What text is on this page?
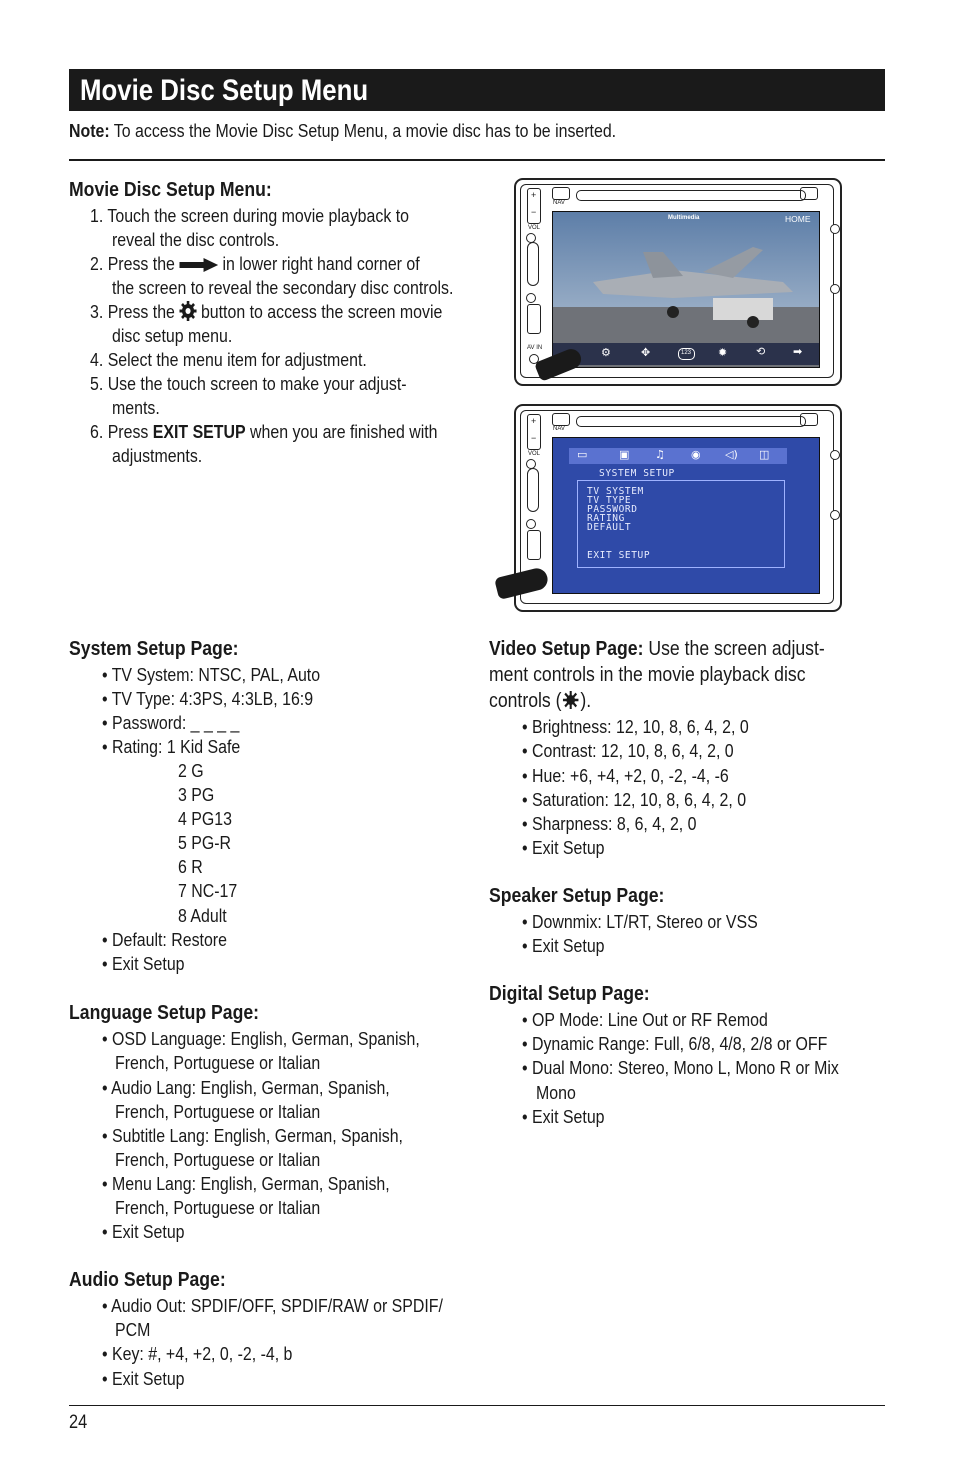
Movie Disc Setup Menu
Note: To access the Movie Disc Setup Menu, a movie disc has to be inserted.
Movie Disc Setup Menu:
1. Touch the screen during movie playback to
reveal the disc controls.
2. Press the	in lower right hand corner of
the screen to reveal the secondary disc controls.
3. Press the button to access the screen movie
disc setup menu.
4. Select the menu item for adjustment.
5. Use the touch screen to make your adjust-
ments.
6. Press EXIT SETUP when you are finished with
adjustments.
+
−
NAV
VOL
AV IN
Multimedia	HOME
⚙	✥	123 ✹	⟲	➡
+
−
NAV
VOL	▭	▣ ♫ ◉ ◁) ◫
SYSTEM SETUP
TV SYSTEM
TV TYPE
PASSWORD
RATING
DEFAULT
EXIT SETUP
System Setup Page:
• TV System: NTSC, PAL, Auto
• TV Type: 4:3PS, 4:3LB, 16:9
• Password: _ _ _ _
• Rating: 1 Kid Safe
2 G
3 PG
4 PG13
5 PG-R
6 R
7 NC-17
8 Adult
• Default: Restore
• Exit Setup
Language Setup Page:
• OSD Language: English, German, Spanish,
French, Portuguese or Italian
• Audio Lang: English, German, Spanish,
French, Portuguese or Italian
• Subtitle Lang: English, German, Spanish,
French, Portuguese or Italian
• Menu Lang: English, German, Spanish,
French, Portuguese or Italian
• Exit Setup
Audio Setup Page:
• Audio Out: SPDIF/OFF, SPDIF/RAW or SPDIF/
PCM
• Key: #, +4, +2, 0, -2, -4, b
• Exit Setup
Video Setup Page: Use the screen adjust-
ment controls in the movie playback disc
controls ( ).
• Brightness: 12, 10, 8, 6, 4, 2, 0
• Contrast: 12, 10, 8, 6, 4, 2, 0
• Hue: +6, +4, +2, 0, -2, -4, -6
• Saturation: 12, 10, 8, 6, 4, 2, 0
• Sharpness: 8, 6, 4, 2, 0
• Exit Setup
Speaker Setup Page:
• Downmix: LT/RT, Stereo or VSS
• Exit Setup
Digital Setup Page:
• OP Mode: Line Out or RF Remod
• Dynamic Range: Full, 6/8, 4/8, 2/8 or OFF
• Dual Mono: Stereo, Mono L, Mono R or Mix
Mono
• Exit Setup
24
